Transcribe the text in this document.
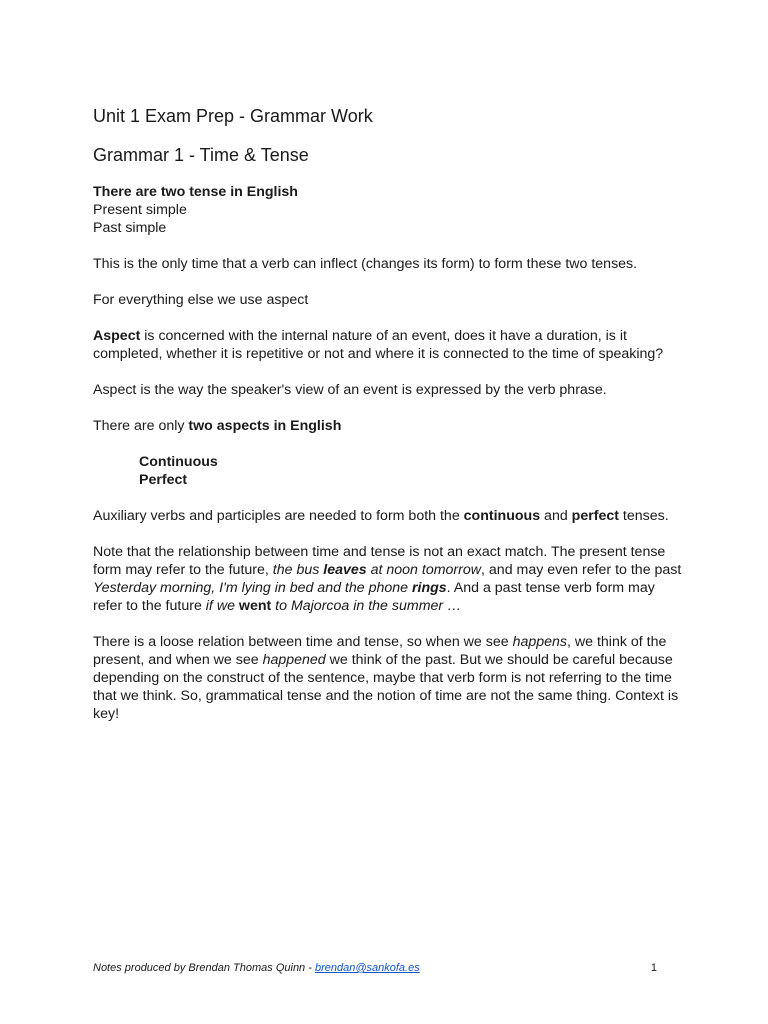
Unit 1 Exam Prep - Grammar Work
Grammar 1 - Time & Tense

There are two tense in English

Present simple

Past simple

This is the only time that a verb can inflect (changes its form) to form these two tenses.

For everything else we use aspect

Aspect is concerned with the internal nature of an event, does it have a duration, is it completed, whether it is repetitive or not and where it is connected to the time of speaking?

Aspect is the way the speaker's view of an event is expressed by the verb phrase.

There are only two aspects in English

Continuous

Perfect

Auxiliary verbs and participles are needed to form both the continuous and perfect tenses.

Note that the relationship between time and tense is not an exact match. The present tense form may refer to the future, the bus leaves at noon tomorrow, and may even refer to the past Yesterday morning, I'm lying in bed and the phone rings. And a past tense verb form may refer to the future if we went to Majorcoa in the summer …

There is a loose relation between time and tense, so when we see happens, we think of the present, and when we see happened we think of the past. But we should be careful because depending on the construct of the sentence, maybe that verb form is not referring to the time that we think. So, grammatical tense and the notion of time are not the same thing. Context is key!

Notes produced by Brendan Thomas Quinn - brendan@sankofa.es	1
